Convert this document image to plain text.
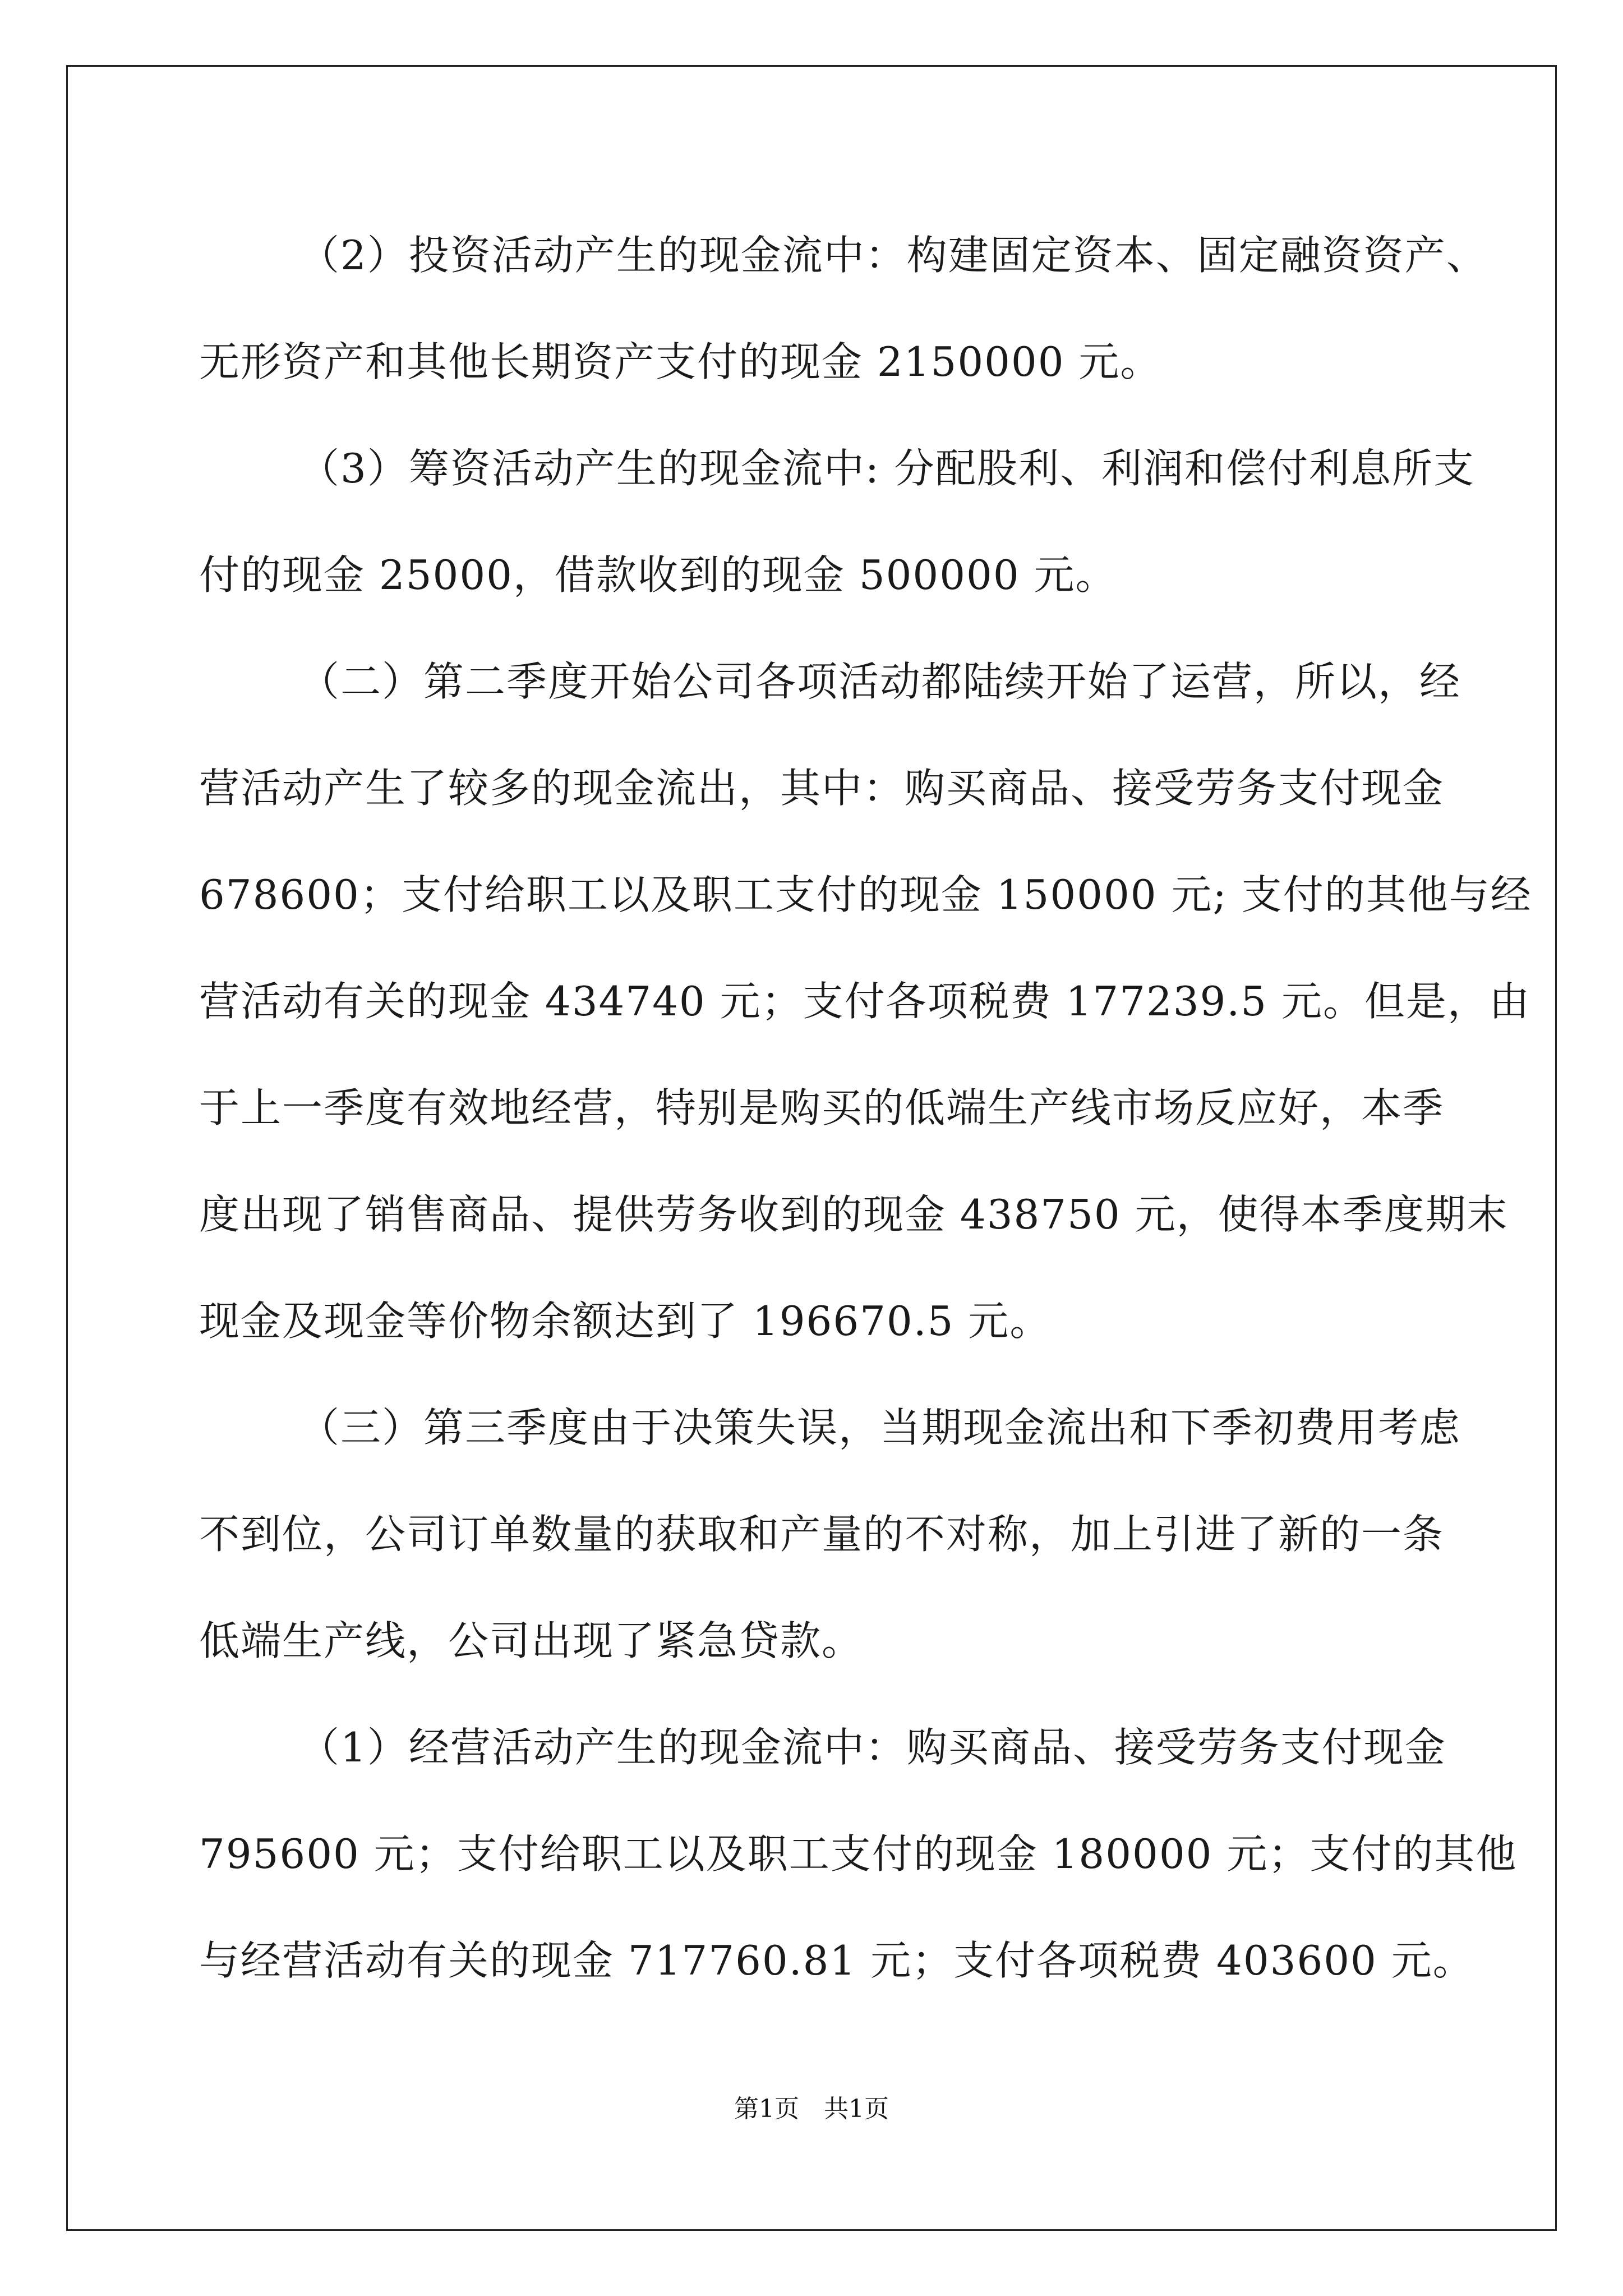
（2）投资活动产生的现金流中：构建固定资本、固定融资资产、
无形资产和其他长期资产支付的现金 2150000 元。
（3）筹资活动产生的现金流中: 分配股利、利润和偿付利息所支
付的现金 25000，借款收到的现金 500000 元。
（二）第二季度开始公司各项活动都陆续开始了运营，所以，经
营活动产生了较多的现金流出，其中：购买商品、接受劳务支付现金
678600；支付给职工以及职工支付的现金 150000 元; 支付的其他与经
营活动有关的现金 434740 元；支付各项税费 177239.5 元。但是，由
于上一季度有效地经营，特别是购买的低端生产线市场反应好，本季
度出现了销售商品、提供劳务收到的现金 438750 元，使得本季度期末
现金及现金等价物余额达到了 196670.5 元。
（三）第三季度由于决策失误，当期现金流出和下季初费用考虑
不到位，公司订单数量的获取和产量的不对称，加上引进了新的一条
低端生产线，公司出现了紧急贷款。
（1）经营活动产生的现金流中：购买商品、接受劳务支付现金
795600 元；支付给职工以及职工支付的现金 180000 元；支付的其他
与经营活动有关的现金 717760.81 元；支付各项税费 403600 元。
第1页　共1页
